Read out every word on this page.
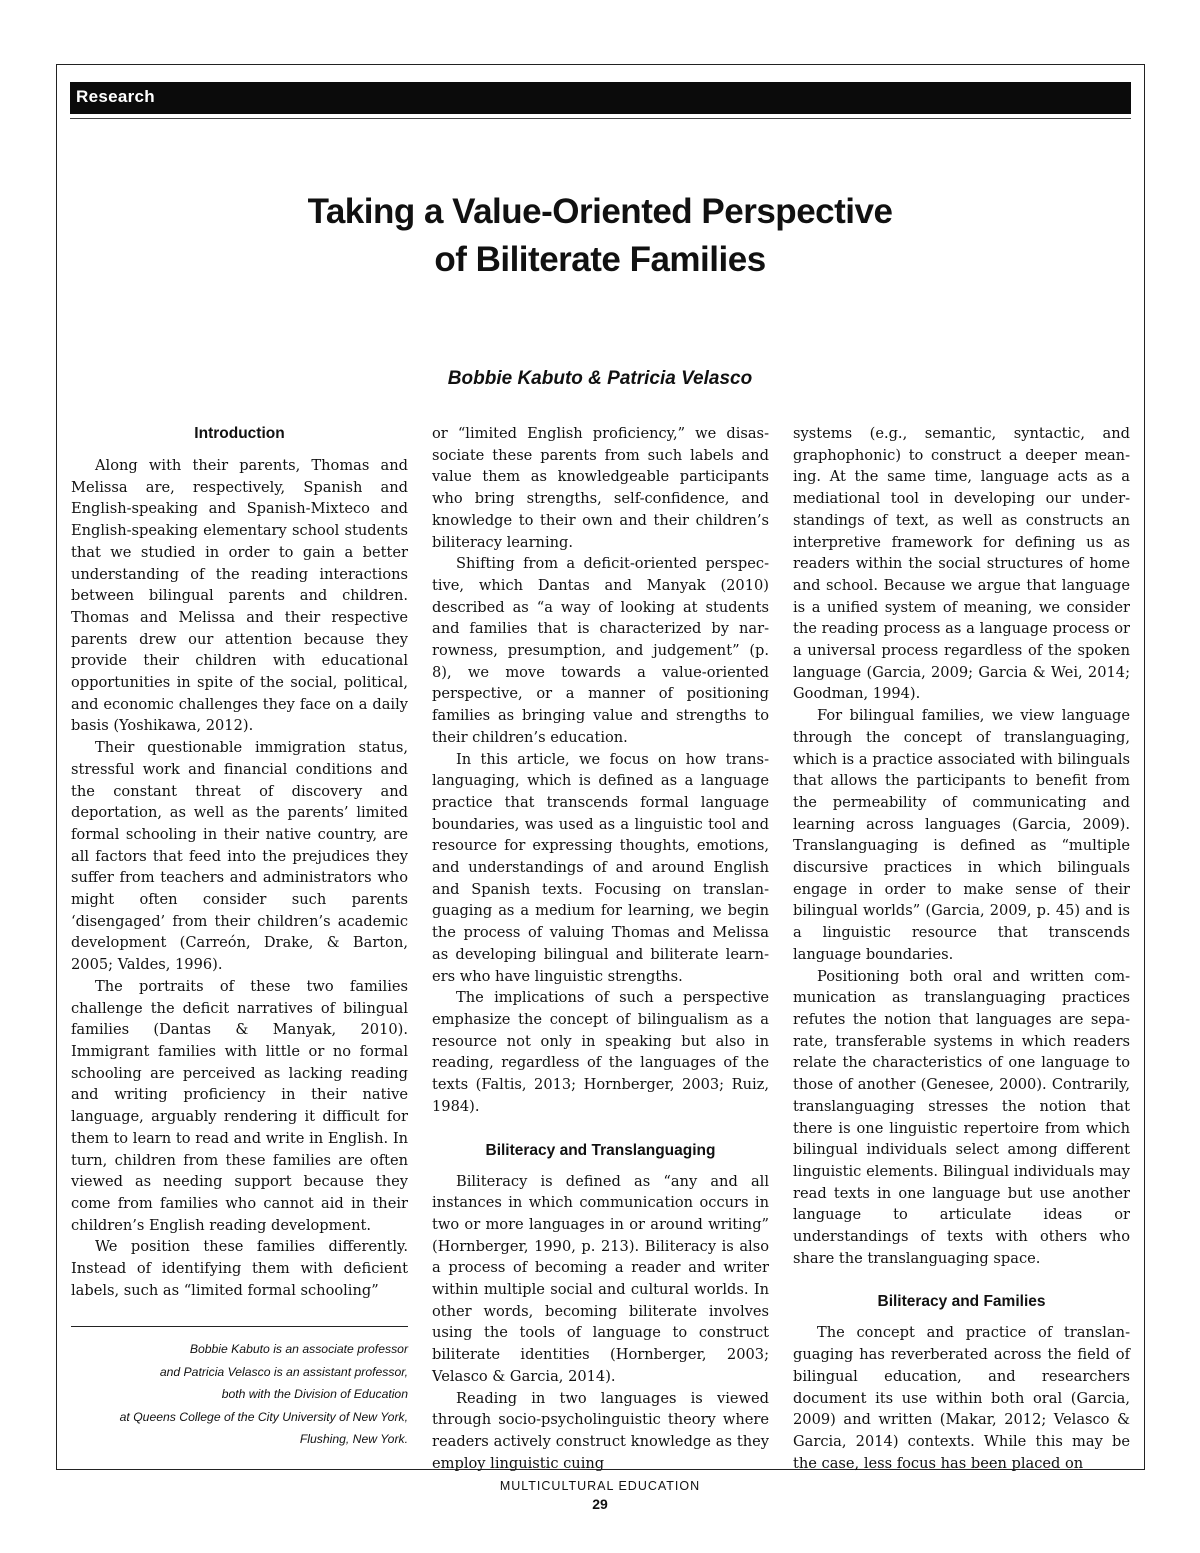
Research
Taking a Value-Oriented Perspective
of Biliterate Families
Bobbie Kabuto & Patricia Velasco
Introduction

Along with their parents, Thomas and Melissa are, respectively, Spanish and English-speaking and Spanish-Mixteco and English-speaking elementary school students that we studied in order to gain a better understanding of the reading interactions between bilingual parents and children. Thomas and Melissa and their respective parents drew our attention because they provide their children with educational opportunities in spite of the social, political, and economic challenges they face on a daily basis (Yoshikawa, 2012).

Their questionable immigration status, stressful work and financial conditions and the constant threat of discovery and deportation, as well as the parents’ limited formal schooling in their native country, are all factors that feed into the prejudices they suffer from teachers and administrators who might often consider such parents ‘disengaged’ from their children’s academic development (Carreón, Drake, & Barton, 2005; Valdes, 1996).

The portraits of these two families challenge the deficit narratives of bilingual families (Dantas & Manyak, 2010). Immigrant families with little or no formal schooling are perceived as lacking reading and writing proficiency in their native language, arguably rendering it difficult for them to learn to read and write in English. In turn, children from these families are often viewed as needing support because they come from families who cannot aid in their children’s English reading development.

We position these families differently. Instead of identifying them with deficient labels, such as “limited formal schooling”

Bobbie Kabuto is an associate professor
and Patricia Velasco is an assistant professor,
both with the Division of Education
at Queens College of the City University of New York,
Flushing, New York.

or “limited English proficiency,” we disassociate these parents from such labels and value them as knowledgeable participants who bring strengths, self-confidence, and knowledge to their own and their children’s biliteracy learning.

Shifting from a deficit-oriented perspective, which Dantas and Manyak (2010) described as “a way of looking at students and families that is characterized by narrowness, presumption, and judgement” (p. 8), we move towards a value-oriented perspective, or a manner of positioning families as bringing value and strengths to their children’s education.

In this article, we focus on how translanguaging, which is defined as a language practice that transcends formal language boundaries, was used as a linguistic tool and resource for expressing thoughts, emotions, and understandings of and around English and Spanish texts. Focusing on translanguaging as a medium for learning, we begin the process of valuing Thomas and Melissa as developing bilingual and biliterate learners who have linguistic strengths.

The implications of such a perspective emphasize the concept of bilingualism as a resource not only in speaking but also in reading, regardless of the languages of the texts (Faltis, 2013; Hornberger, 2003; Ruiz, 1984).

Biliteracy and Translanguaging

Biliteracy is defined as “any and all instances in which communication occurs in two or more languages in or around writing” (Hornberger, 1990, p. 213). Biliteracy is also a process of becoming a reader and writer within multiple social and cultural worlds. In other words, becoming biliterate involves using the tools of language to construct biliterate identities (Hornberger, 2003; Velasco & Garcia, 2014).

Reading in two languages is viewed through socio-psycholinguistic theory where readers actively construct knowledge as they employ linguistic cuing

systems (e.g., semantic, syntactic, and graphophonic) to construct a deeper meaning. At the same time, language acts as a mediational tool in developing our understandings of text, as well as constructs an interpretive framework for defining us as readers within the social structures of home and school. Because we argue that language is a unified system of meaning, we consider the reading process as a language process or a universal process regardless of the spoken language (Garcia, 2009; Garcia & Wei, 2014; Goodman, 1994).

For bilingual families, we view language through the concept of translanguaging, which is a practice associated with bilinguals that allows the participants to benefit from the permeability of communicating and learning across languages (Garcia, 2009). Translanguaging is defined as “multiple discursive practices in which bilinguals engage in order to make sense of their bilingual worlds” (Garcia, 2009, p. 45) and is a linguistic resource that transcends language boundaries.

Positioning both oral and written communication as translanguaging practices refutes the notion that languages are separate, transferable systems in which readers relate the characteristics of one language to those of another (Genesee, 2000). Contrarily, translanguaging stresses the notion that there is one linguistic repertoire from which bilingual individuals select among different linguistic elements. Bilingual individuals may read texts in one language but use another language to articulate ideas or understandings of texts with others who share the translanguaging space.

Biliteracy and Families

The concept and practice of translanguaging has reverberated across the field of bilingual education, and researchers document its use within both oral (Garcia, 2009) and written (Makar, 2012; Velasco & Garcia, 2014) contexts. While this may be the case, less focus has been placed on

MULTICULTURAL EDUCATION
29
